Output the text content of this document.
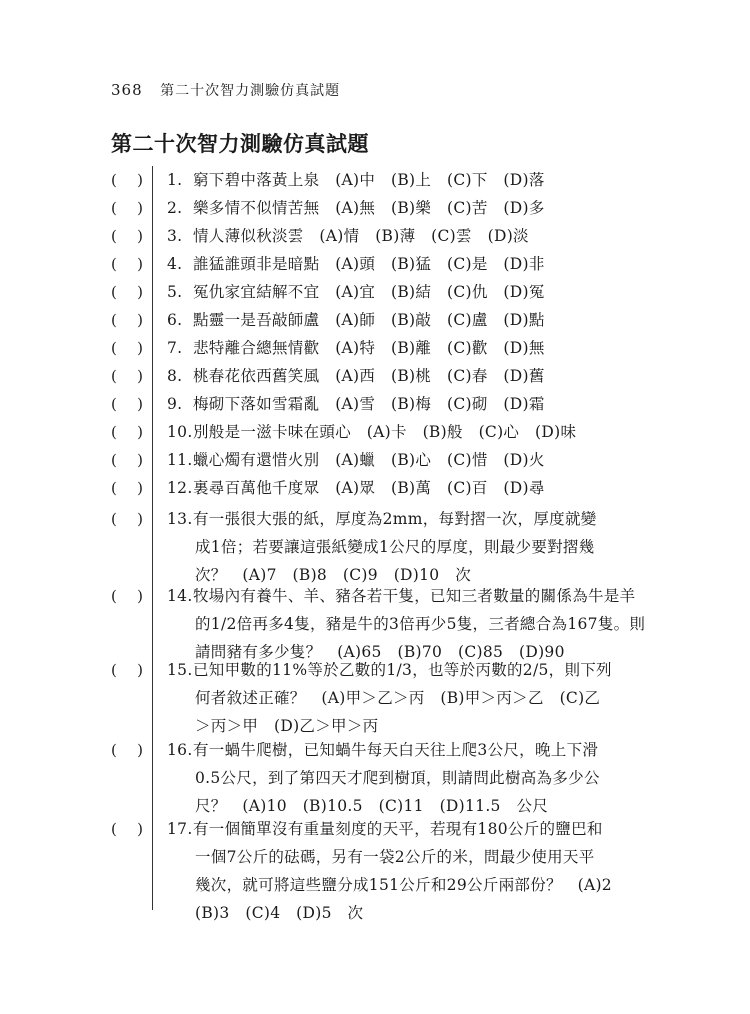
368 第二十次智力測驗仿真試題
第二十次智力測驗仿真試題
( ) 1. 窮下碧中落黃上泉　(A)中　(B)上　(C)下　(D)落
( ) 2. 樂多情不似情苦無　(A)無　(B)樂　(C)苦　(D)多
( ) 3. 情人薄似秋淡雲　(A)情　(B)薄　(C)雲　(D)淡
( ) 4. 誰猛誰頭非是暗點　(A)頭　(B)猛　(C)是　(D)非
( ) 5. 冤仇家宜結解不宜　(A)宜　(B)結　(C)仇　(D)冤
( ) 6. 點靈一是吾敲師盧　(A)師　(B)敲　(C)盧　(D)點
( ) 7. 悲特離合總無情歡　(A)特　(B)離　(C)歡　(D)無
( ) 8. 桃春花依西舊笑風　(A)西　(B)桃　(C)春　(D)舊
( ) 9. 梅砌下落如雪霜亂　(A)雪　(B)梅　(C)砌　(D)霜
( ) 10.別般是一滋卡味在頭心　(A)卡　(B)般　(C)心　(D)味
( ) 11.蠟心燭有還惜火別　(A)蠟　(B)心　(C)惜　(D)火
( ) 12.裏尋百萬他千度眾　(A)眾　(B)萬　(C)百　(D)尋
( ) 13.有一張很大張的紙，厚度為2mm，每對摺一次，厚度就變
成1倍；若要讓這張紙變成1公尺的厚度，則最少要對摺幾
次？　(A)7　(B)8　(C)9　(D)10　次
( ) 14.牧場內有養牛、羊、豬各若干隻，已知三者數量的關係為牛是羊
的1/2倍再多4隻，豬是牛的3倍再少5隻，三者總合為167隻。則
請問豬有多少隻？　(A)65　(B)70　(C)85　(D)90
( ) 15.已知甲數的11%等於乙數的1/3，也等於丙數的2/5，則下列
何者敘述正確？　(A)甲＞乙＞丙　(B)甲＞丙＞乙　(C)乙
＞丙＞甲　(D)乙＞甲＞丙
( ) 16.有一蝸牛爬樹，已知蝸牛每天白天往上爬3公尺，晚上下滑
0.5公尺，到了第四天才爬到樹頂，則請問此樹高為多少公
尺？　(A)10　(B)10.5　(C)11　(D)11.5　公尺
( ) 17.有一個簡單沒有重量刻度的天平，若現有180公斤的鹽巴和
一個7公斤的砝碼，另有一袋2公斤的米，問最少使用天平
幾次，就可將這些鹽分成151公斤和29公斤兩部份？　(A)2
(B)3　(C)4　(D)5　次
